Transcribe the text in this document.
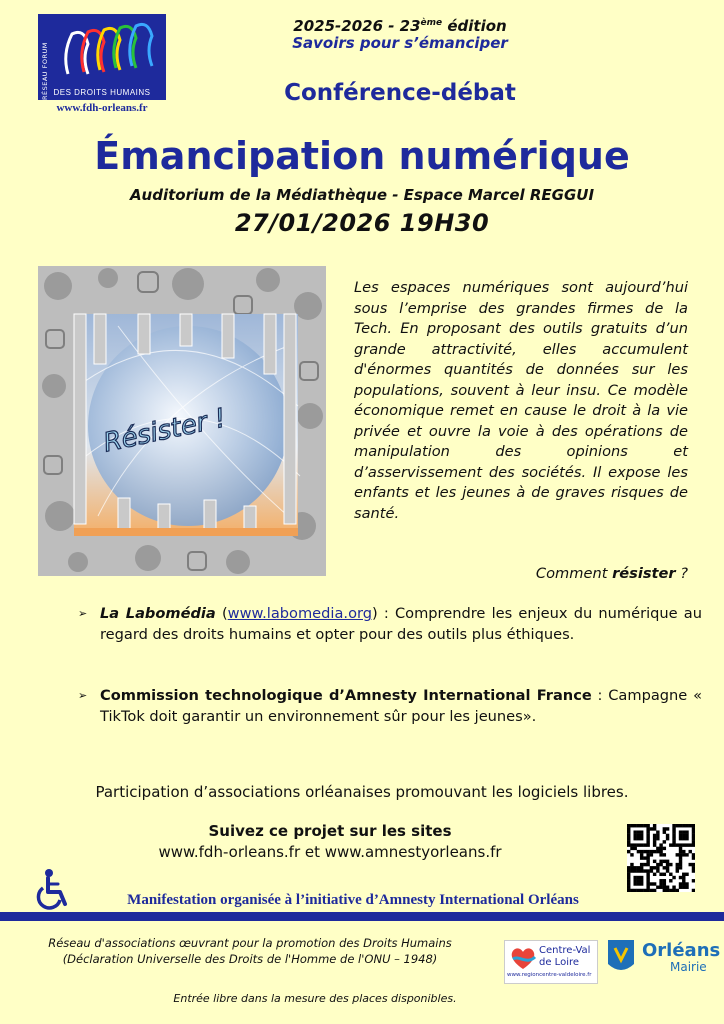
RÉSEAU FORUM DES DROITS HUMAINS
www.fdh-orleans.fr
2025-2026 - 23ème édition
Savoirs pour s’émanciper
Conférence-débat
Émancipation numérique
Auditorium de la Médiathèque - Espace Marcel REGGUI
27/01/2026 19H30
Résister !
Les espaces numériques sont aujourd’hui sous l’emprise des grandes firmes de la Tech. En proposant des outils gratuits d’un grande attractivité, elles accumulent d'énormes quantités de données sur les populations, souvent à leur insu. Ce modèle économique remet en cause le droit à la vie privée et ouvre la voie à des opérations de manipulation des opinions et d’asservissement des sociétés. Il expose les enfants et les jeunes à de graves risques de santé.
Comment résister ?
➢ La Labomédia (www.labomedia.org) : Comprendre les enjeux du numérique au regard des droits humains et opter pour des outils plus éthiques.
➢ Commission technologique d’Amnesty International France : Campagne « TikTok doit garantir un environnement sûr pour les jeunes».
Participation d’associations orléanaises promouvant les logiciels libres.
Suivez ce projet sur les sites
www.fdh-orleans.fr et www.amnestyorleans.fr
Manifestation organisée à l’initiative d’Amnesty International Orléans
Réseau d'associations œuvrant pour la promotion des Droits Humains
(Déclaration Universelle des Droits de l'Homme de l'ONU – 1948)
Entrée libre dans la mesure des places disponibles.
Centre-Val de Loire
www.regioncentre-valdeloire.fr
Orléans
Mairie
